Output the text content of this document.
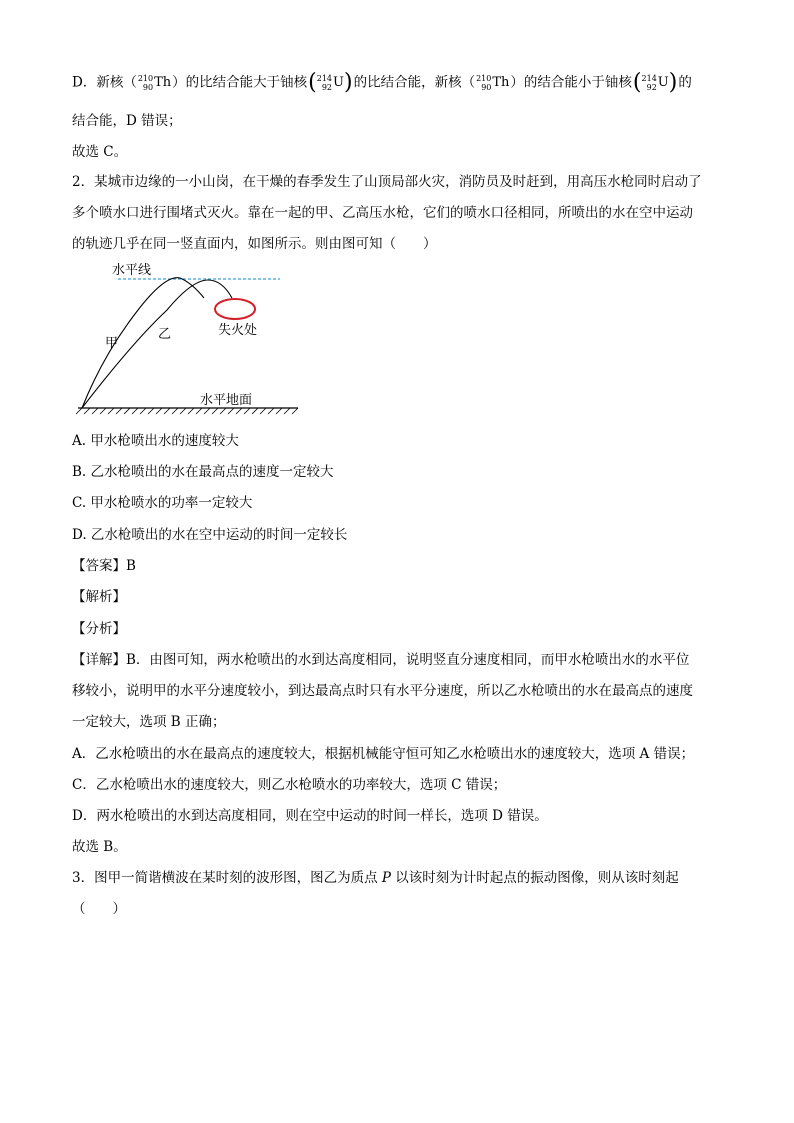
D．新核（ 210
90 Th ）的比结合能大于铀核 ( 214
92 U ) 的比结合能，新核（ 210
90 Th ）的结合能小于铀核 ( 214
92 U ) 的
结合能，D 错误；
故选 C。
2．某城市边缘的一小山岗，在干燥的春季发生了山顶局部火灾，消防员及时赶到，用高压水枪同时启动了
多个喷水口进行围堵式灭火。靠在一起的甲、乙高压水枪，它们的喷水口径相同，所喷出的水在空中运动
的轨迹几乎在同一竖直面内，如图所示。则由图可知（　　）
水平线
失火处
甲
乙
水平地面
A. 甲水枪喷出水的速度较大
B. 乙水枪喷出的水在最高点的速度一定较大
C. 甲水枪喷水的功率一定较大
D. 乙水枪喷出的水在空中运动的时间一定较长
【答案】B
【解析】
【分析】
【详解】B．由图可知，两水枪喷出的水到达高度相同，说明竖直分速度相同，而甲水枪喷出水的水平位
移较小，说明甲的水平分速度较小，到达最高点时只有水平分速度，所以乙水枪喷出的水在最高点的速度
一定较大，选项 B 正确；
A．乙水枪喷出的水在最高点的速度较大，根据机械能守恒可知乙水枪喷出水的速度较大，选项 A 错误；
C．乙水枪喷出水的速度较大，则乙水枪喷水的功率较大，选项 C 错误；
D．两水枪喷出的水到达高度相同，则在空中运动的时间一样长，选项 D 错误。
故选 B。
3．图甲一简谐横波在某时刻的波形图，图乙为质点 P 以该时刻为计时起点的振动图像，则从该时刻起
（　　）
